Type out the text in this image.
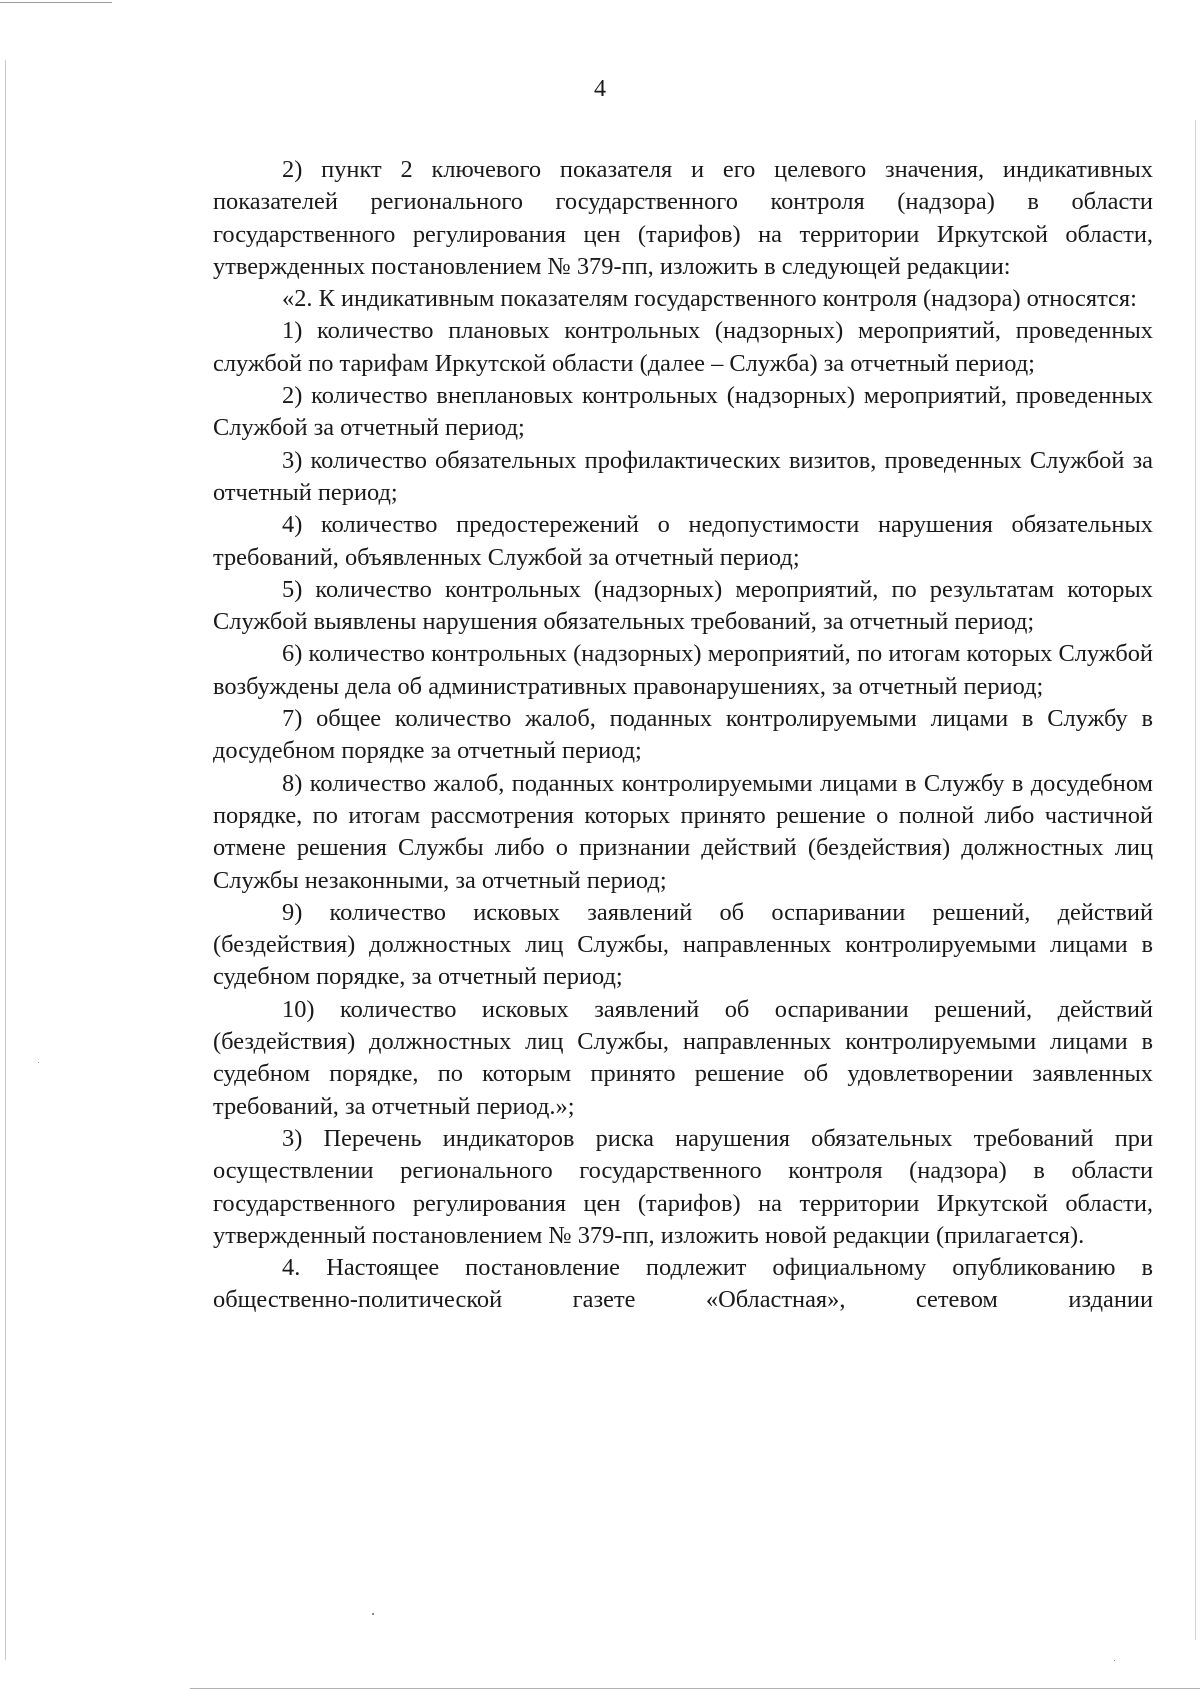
4

2) пункт 2 ключевого показателя и его целевого значения, индикативных показателей регионального государственного контроля (надзора) в области государственного регулирования цен (тарифов) на территории Иркутской области, утвержденных постановлением № 379-пп, изложить в следующей редакции:

«2. К индикативным показателям государственного контроля (надзора) относятся:

1) количество плановых контрольных (надзорных) мероприятий, проведенных службой по тарифам Иркутской области (далее – Служба) за отчетный период;

2) количество внеплановых контрольных (надзорных) мероприятий, проведенных Службой за отчетный период;

3) количество обязательных профилактических визитов, проведенных Службой за отчетный период;

4) количество предостережений о недопустимости нарушения обязательных требований, объявленных Службой за отчетный период;

5) количество контрольных (надзорных) мероприятий, по результатам которых Службой выявлены нарушения обязательных требований, за отчетный период;

6) количество контрольных (надзорных) мероприятий, по итогам которых Службой возбуждены дела об административных правонарушениях, за отчетный период;

7) общее количество жалоб, поданных контролируемыми лицами в Службу в досудебном порядке за отчетный период;

8) количество жалоб, поданных контролируемыми лицами в Службу в досудебном порядке, по итогам рассмотрения которых принято решение о полной либо частичной отмене решения Службы либо о признании действий (бездействия) должностных лиц Службы незаконными, за отчетный период;

9) количество исковых заявлений об оспаривании решений, действий (бездействия) должностных лиц Службы, направленных контролируемыми лицами в судебном порядке, за отчетный период;

10) количество исковых заявлений об оспаривании решений, действий (бездействия) должностных лиц Службы, направленных контролируемыми лицами в судебном порядке, по которым принято решение об удовлетворении заявленных требований, за отчетный период.»;

3) Перечень индикаторов риска нарушения обязательных требований при осуществлении регионального государственного контроля (надзора) в области государственного регулирования цен (тарифов) на территории Иркутской области, утвержденный постановлением № 379-пп, изложить новой редакции (прилагается).

4. Настоящее постановление подлежит официальному опубликованию в общественно-политической газете «Областная», сетевом издании
